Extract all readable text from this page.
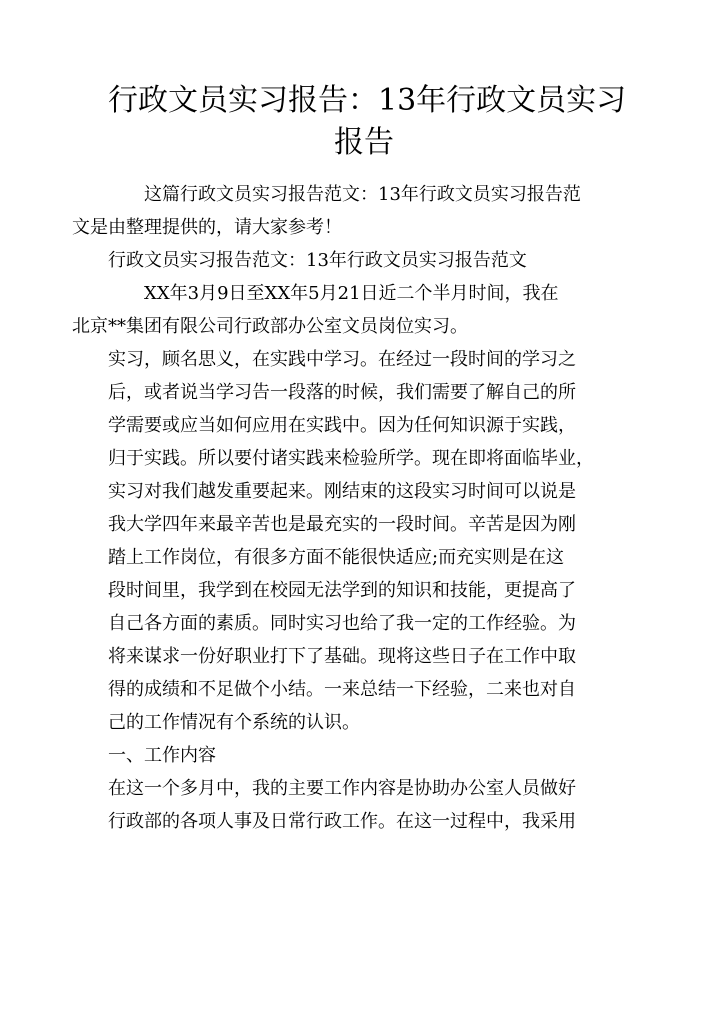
行政文员实习报告：13年行政文员实习
报告

这篇行政文员实习报告范文：13年行政文员实习报告范
文是由整理提供的，请大家参考！

行政文员实习报告范文：13年行政文员实习报告范文

XX年3月9日至XX年5月21日近二个半月时间，我在
北京**集团有限公司行政部办公室文员岗位实习。

实习，顾名思义，在实践中学习。在经过一段时间的学习之
后，或者说当学习告一段落的时候，我们需要了解自己的所
学需要或应当如何应用在实践中。因为任何知识源于实践，
归于实践。所以要付诸实践来检验所学。现在即将面临毕业，
实习对我们越发重要起来。刚结束的这段实习时间可以说是
我大学四年来最辛苦也是最充实的一段时间。辛苦是因为刚
踏上工作岗位，有很多方面不能很快适应;而充实则是在这
段时间里，我学到在校园无法学到的知识和技能，更提高了
自己各方面的素质。同时实习也给了我一定的工作经验。为
将来谋求一份好职业打下了基础。现将这些日子在工作中取
得的成绩和不足做个小结。一来总结一下经验，二来也对自
己的工作情况有个系统的认识。

一、工作内容

在这一个多月中，我的主要工作内容是协助办公室人员做好
行政部的各项人事及日常行政工作。在这一过程中，我采用
